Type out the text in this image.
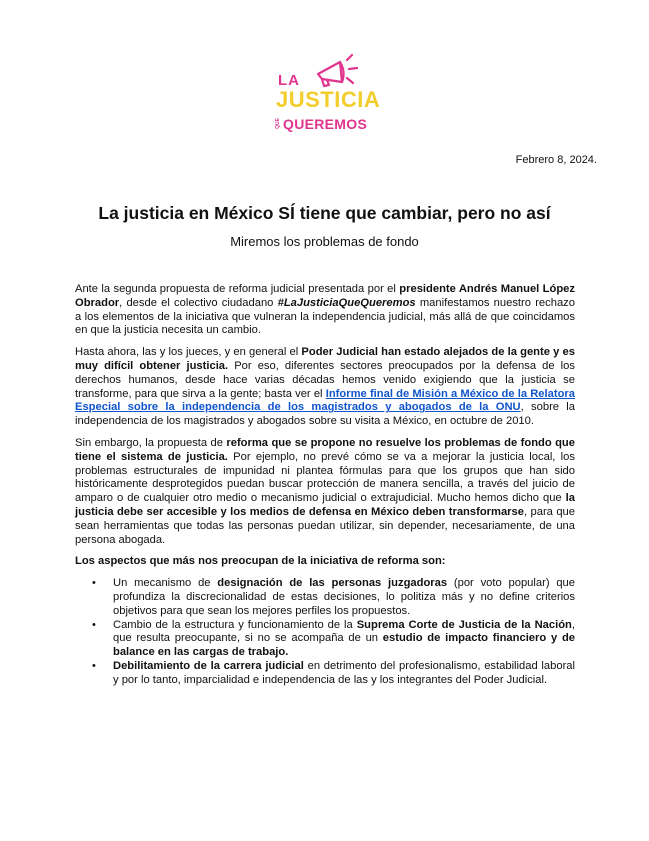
LA
JUSTICIA
QUE QUEREMOS
Febrero 8, 2024.
La justicia en México SÍ tiene que cambiar, pero no así
Miremos los problemas de fondo

Ante la segunda propuesta de reforma judicial presentada por el presidente Andrés Manuel López Obrador, desde el colectivo ciudadano #LaJusticiaQueQueremos manifestamos nuestro rechazo a los elementos de la iniciativa que vulneran la independencia judicial, más allá de que coincidamos en que la justicia necesita un cambio.

Hasta ahora, las y los jueces, y en general el Poder Judicial han estado alejados de la gente y es muy difícil obtener justicia. Por eso, diferentes sectores preocupados por la defensa de los derechos humanos, desde hace varias décadas hemos venido exigiendo que la justicia se transforme, para que sirva a la gente; basta ver el Informe final de Misión a México de la Relatora Especial sobre la independencia de los magistrados y abogados de la ONU, sobre la independencia de los magistrados y abogados sobre su visita a México, en octubre de 2010.

Sin embargo, la propuesta de reforma que se propone no resuelve los problemas de fondo que tiene el sistema de justicia. Por ejemplo, no prevé cómo se va a mejorar la justicia local, los problemas estructurales de impunidad ni plantea fórmulas para que los grupos que han sido históricamente desprotegidos puedan buscar protección de manera sencilla, a través del juicio de amparo o de cualquier otro medio o mecanismo judicial o extrajudicial. Mucho hemos dicho que la justicia debe ser accesible y los medios de defensa en México deben transformarse, para que sean herramientas que todas las personas puedan utilizar, sin depender, necesariamente, de una persona abogada.

Los aspectos que más nos preocupan de la iniciativa de reforma son:
• Un mecanismo de designación de las personas juzgadoras (por voto popular) que profundiza la discrecionalidad de estas decisiones, lo politiza más y no define criterios objetivos para que sean los mejores perfiles los propuestos.
• Cambio de la estructura y funcionamiento de la Suprema Corte de Justicia de la Nación, que resulta preocupante, si no se acompaña de un estudio de impacto financiero y de balance en las cargas de trabajo.
• Debilitamiento de la carrera judicial en detrimento del profesionalismo, estabilidad laboral y por lo tanto, imparcialidad e independencia de las y los integrantes del Poder Judicial.
